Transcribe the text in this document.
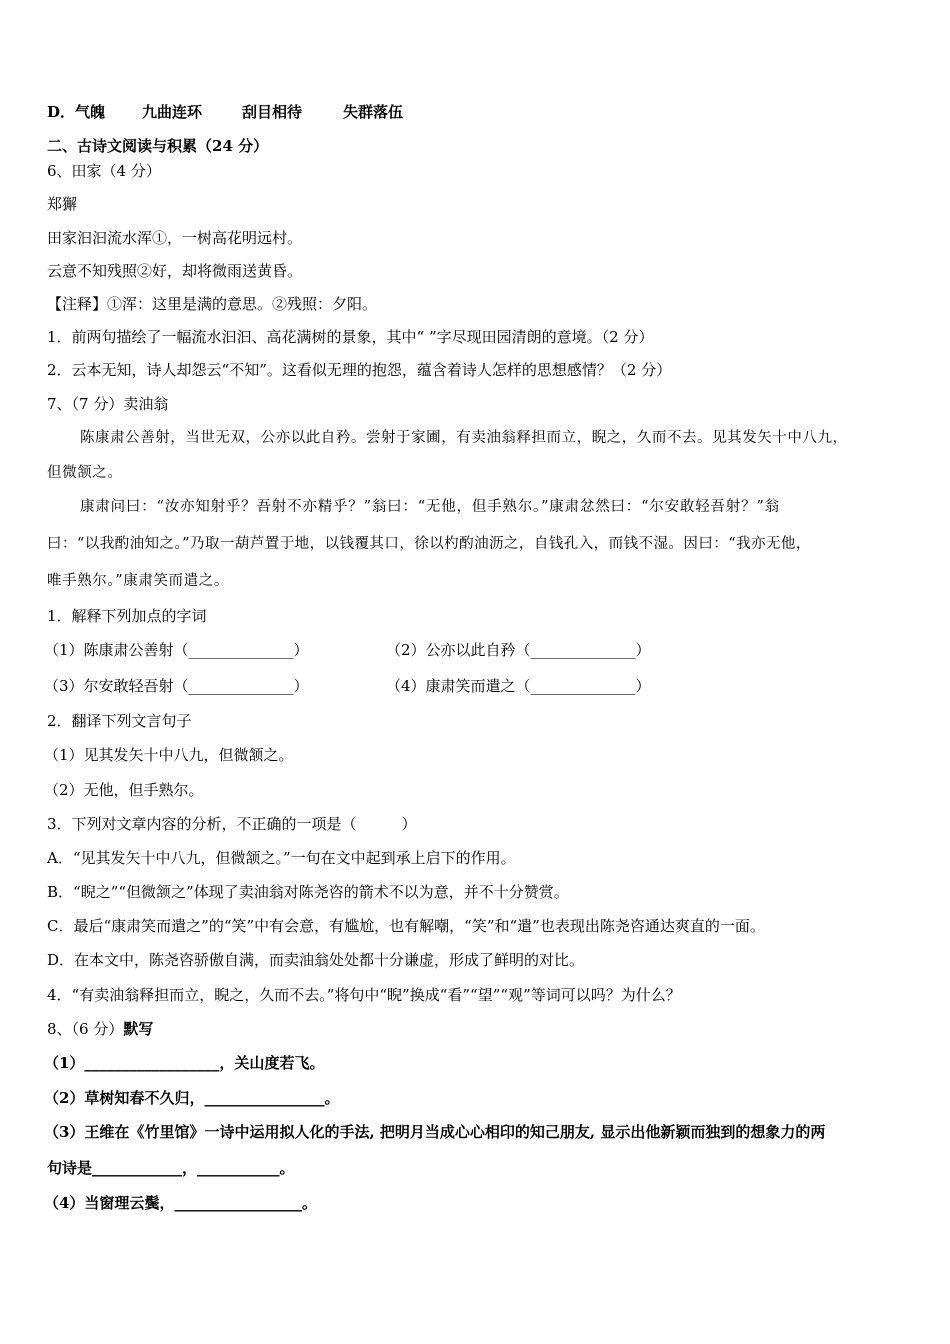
D．气魄 九曲连环	刮目相待	失群落伍
二、古诗文阅读与积累（24 分）
6、田家（4 分）
郑獬
田家汩汩流水浑①，一树高花明远村。
云意不知残照②好，却将微雨送黄昏。
【注释】①浑：这里是满的意思。②残照：夕阳。
1．前两句描绘了一幅流水汩汩、高花满树的景象，其中“ ”字尽现田园清朗的意境。（2 分）
2．云本无知，诗人却怨云“不知”。这看似无理的抱怨，蕴含着诗人怎样的思想感情？（2 分）
7、（7 分）卖油翁
陈康肃公善射，当世无双，公亦以此自矜。尝射于家圃，有卖油翁释担而立，睨之，久而不去。见其发矢十中八九，
但微颔之。
康肃问曰：“汝亦知射乎？吾射不亦精乎？”翁曰：“无他，但手熟尔。”康肃忿然曰：“尔安敢轻吾射？”翁
曰：“以我酌油知之。”乃取一葫芦置于地，以钱覆其口，徐以杓酌油沥之，自钱孔入，而钱不湿。因曰：“我亦无他，
唯手熟尔。”康肃笑而遣之。
1．解释下列加点的字词
（1）陈康肃公善射（______________）	（2）公亦以此自矜（______________）
（3）尔安敢轻吾射（______________）	（4）康肃笑而遣之（______________）
2．翻译下列文言句子
（1）见其发矢十中八九，但微颔之。
（2）无他，但手熟尔。
3．下列对文章内容的分析，不正确的一项是（　　　）
A．“见其发矢十中八九，但微颔之。”一句在文中起到承上启下的作用。
B．“睨之”“但微颔之”体现了卖油翁对陈尧咨的箭术不以为意，并不十分赞赏。
C．最后“康肃笑而遣之”的“笑”中有会意，有尴尬，也有解嘲，“笑”和“遣”也表现出陈尧咨通达爽直的一面。
D．在本文中，陈尧咨骄傲自满，而卖油翁处处都十分谦虚，形成了鲜明的对比。
4．“有卖油翁释担而立，睨之，久而不去。”将句中“睨”换成“看”“望”“观”等词可以吗？为什么？
8、（6 分）默写
（1）__________________，关山度若飞。
（2）草树知春不久归，________________。
（3）王维在《竹里馆》一诗中运用拟人化的手法, 把明月当成心心相印的知己朋友, 显示出他新颖而独到的想象力的两
句诗是____________，___________。
（4）当窗理云鬓，_________________。
